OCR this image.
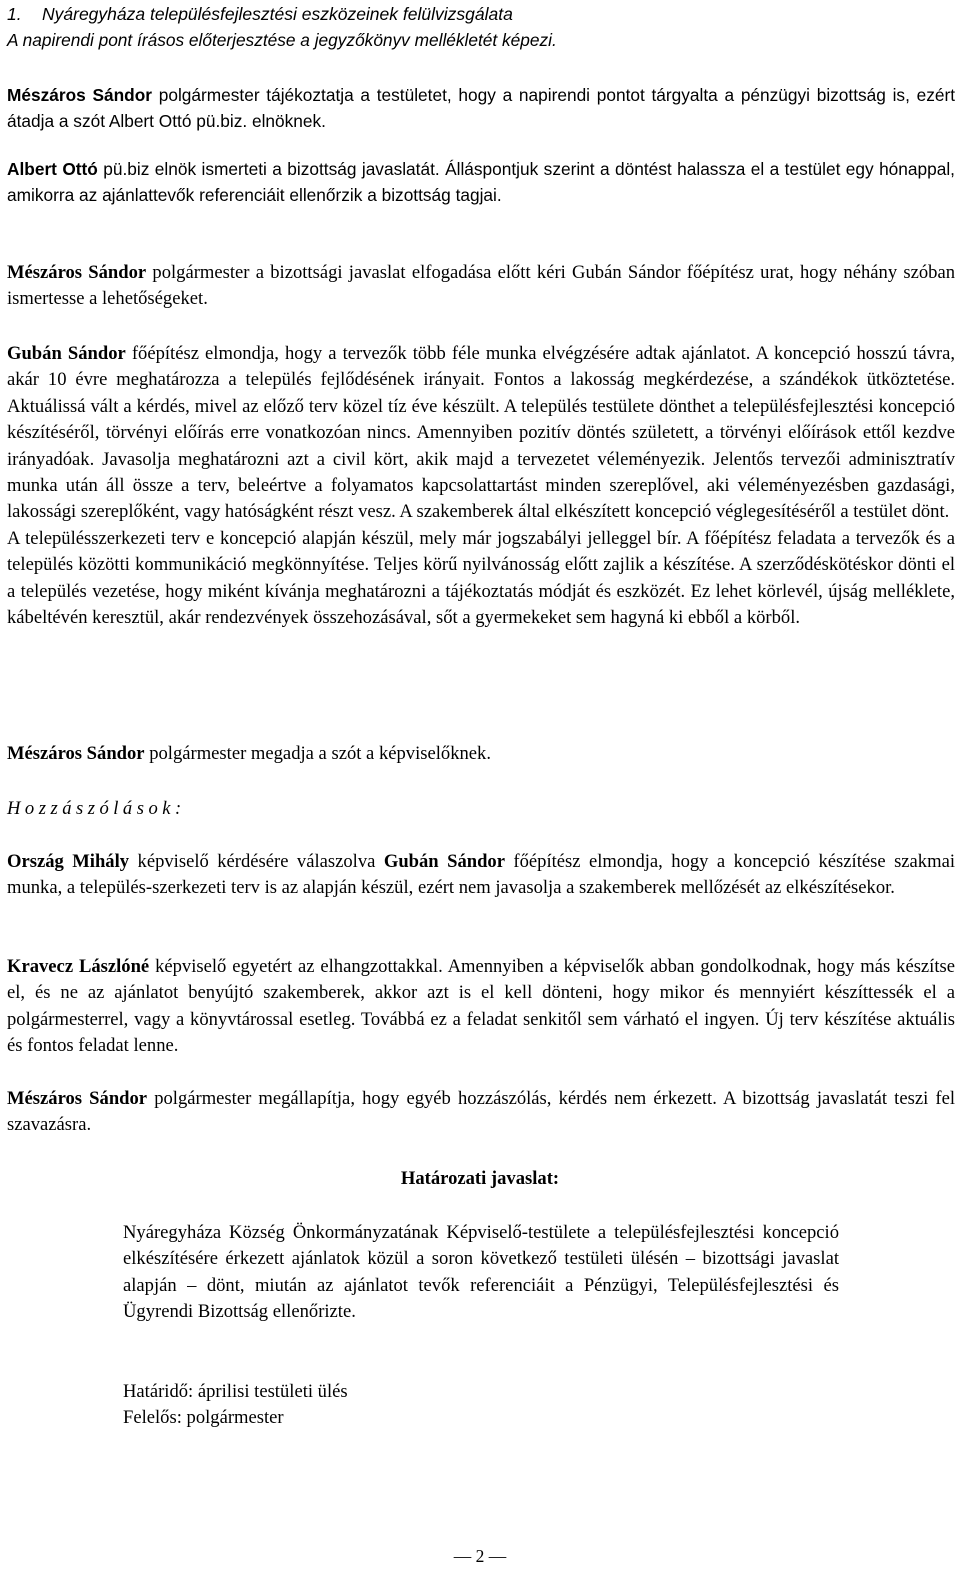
1. Nyáregyháza településfejlesztési eszközeinek felülvizsgálata

A napirendi pont írásos előterjesztése a jegyzőkönyv mellékletét képezi.

Mészáros Sándor polgármester tájékoztatja a testületet, hogy a napirendi pontot tárgyalta a pénzügyi bizottság is, ezért átadja a szót Albert Ottó pü.biz. elnöknek.

Albert Ottó pü.biz elnök ismerteti a bizottság javaslatát. Álláspontjuk szerint a döntést halassza el a testület egy hónappal, amikorra az ajánlattevők referenciáit ellenőrzik a bizottság tagjai.

Mészáros Sándor polgármester a bizottsági javaslat elfogadása előtt kéri Gubán Sándor főépítész urat, hogy néhány szóban ismertesse a lehetőségeket.

Gubán Sándor főépítész elmondja, hogy a tervezők több féle munka elvégzésére adtak ajánlatot. A koncepció hosszú távra, akár 10 évre meghatározza a település fejlődésének irányait. Fontos a lakosság megkérdezése, a szándékok ütköztetése. Aktuálissá vált a kérdés, mivel az előző terv közel tíz éve készült. A település testülete dönthet a településfejlesztési koncepció készítéséről, törvényi előírás erre vonatkozóan nincs. Amennyiben pozitív döntés született, a törvényi előírások ettől kezdve irányadóak. Javasolja meghatározni azt a civil kört, akik majd a tervezetet véleményezik. Jelentős tervezői adminisztratív munka után áll össze a terv, beleértve a folyamatos kapcsolattartást minden szereplővel, aki véleményezésben gazdasági, lakossági szereplőként, vagy hatóságként részt vesz. A szakemberek által elkészített koncepció véglegesítéséről a testület dönt.
A településszerkezeti terv e koncepció alapján készül, mely már jogszabályi jelleggel bír. A főépítész feladata a tervezők és a település közötti kommunikáció megkönnyítése. Teljes körű nyilvánosság előtt zajlik a készítése. A szerződéskötéskor dönti el a település vezetése, hogy miként kívánja meghatározni a tájékoztatás módját és eszközét. Ez lehet körlevél, újság melléklete, kábeltévén keresztül, akár rendezvények összehozásával, sőt a gyermekeket sem hagyná ki ebből a körből.

Mészáros Sándor polgármester megadja a szót a képviselőknek.

Hozzászólások:

Ország Mihály képviselő kérdésére válaszolva Gubán Sándor főépítész elmondja, hogy a koncepció készítése szakmai munka, a település-szerkezeti terv is az alapján készül, ezért nem javasolja a szakemberek mellőzését az elkészítésekor.

Kravecz Lászlóné képviselő egyetért az elhangzottakkal. Amennyiben a képviselők abban gondolkodnak, hogy más készítse el, és ne az ajánlatot benyújtó szakemberek, akkor azt is el kell dönteni, hogy mikor és mennyiért készíttessék el a polgármesterrel, vagy a könyvtárossal esetleg. Továbbá ez a feladat senkitől sem várható el ingyen. Új terv készítése aktuális és fontos feladat lenne.

Mészáros Sándor polgármester megállapítja, hogy egyéb hozzászólás, kérdés nem érkezett. A bizottság javaslatát teszi fel szavazásra.

Határozati javaslat:

Nyáregyháza Község Önkormányzatának Képviselő-testülete a településfejlesztési koncepció elkészítésére érkezett ajánlatok közül a soron következő testületi ülésén – bizottsági javaslat alapján – dönt, miután az ajánlatot tevők referenciáit a Pénzügyi, Településfejlesztési és Ügyrendi Bizottság ellenőrizte.

Határidő: áprilisi testületi ülés

Felelős: polgármester

— 2 —
